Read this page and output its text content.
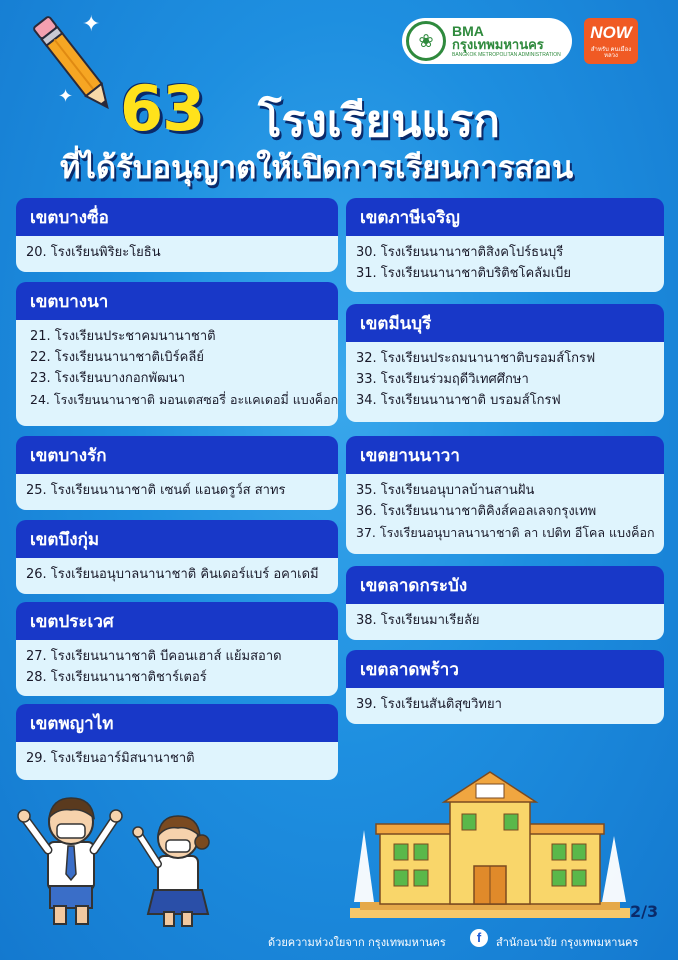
✦
✦ 63 โรงเรียนแรก
ที่ได้รับอนุญาตให้เปิดการเรียนการสอน
❀	BMA
กรุงเทพมหานคร
BANGKOK METROPOLITAN ADMINISTRATION
NOW
สำหรับ คนเมืองหลวง
เขตบางซื่อ
20. โรงเรียนพิริยะโยธิน
เขตบางนา
21. โรงเรียนประชาคมนานาชาติ
22. โรงเรียนนานาชาติเบิร์คลีย์
23. โรงเรียนบางกอกพัฒนา
24. โรงเรียนนานาชาติ มอนเตสซอรี่ อะแคเดอมี่ แบงค็อก
เขตบางรัก
25. โรงเรียนนานาชาติ เซนต์ แอนดรูว์ส สาทร
เขตบึงกุ่ม
26. โรงเรียนอนุบาลนานาชาติ คินเดอร์แบร์ อคาเดมี
เขตประเวศ
27. โรงเรียนนานาชาติ บีคอนเฮาส์ แย้มสอาด
28. โรงเรียนนานาชาติชาร์เตอร์
เขตพญาไท
29. โรงเรียนอาร์มิสนานาชาติ
เขตภาษีเจริญ
30. โรงเรียนนานาชาติสิงคโปร์ธนบุรี
31. โรงเรียนนานาชาติบริติชโคลัมเบีย
เขตมีนบุรี
32. โรงเรียนประถมนานาชาติบรอมส์โกรฟ
33. โรงเรียนร่วมฤดีวิเทศศึกษา
34. โรงเรียนนานาชาติ บรอมส์โกรฟ
เขตยานนาวา
35. โรงเรียนอนุบาลบ้านสานฝัน
36. โรงเรียนนานาชาติคิงส์คอลเลจกรุงเทพ
37. โรงเรียนอนุบาลนานาชาติ ลา เปติท อีโคล แบงค็อก
เขตลาดกระบัง
38. โรงเรียนมาเรียลัย
เขตลาดพร้าว
39. โรงเรียนสันติสุขวิทยา
2/3
ด้วยความห่วงใยจาก กรุงเทพมหานคร	f	สำนักอนามัย กรุงเทพมหานคร
